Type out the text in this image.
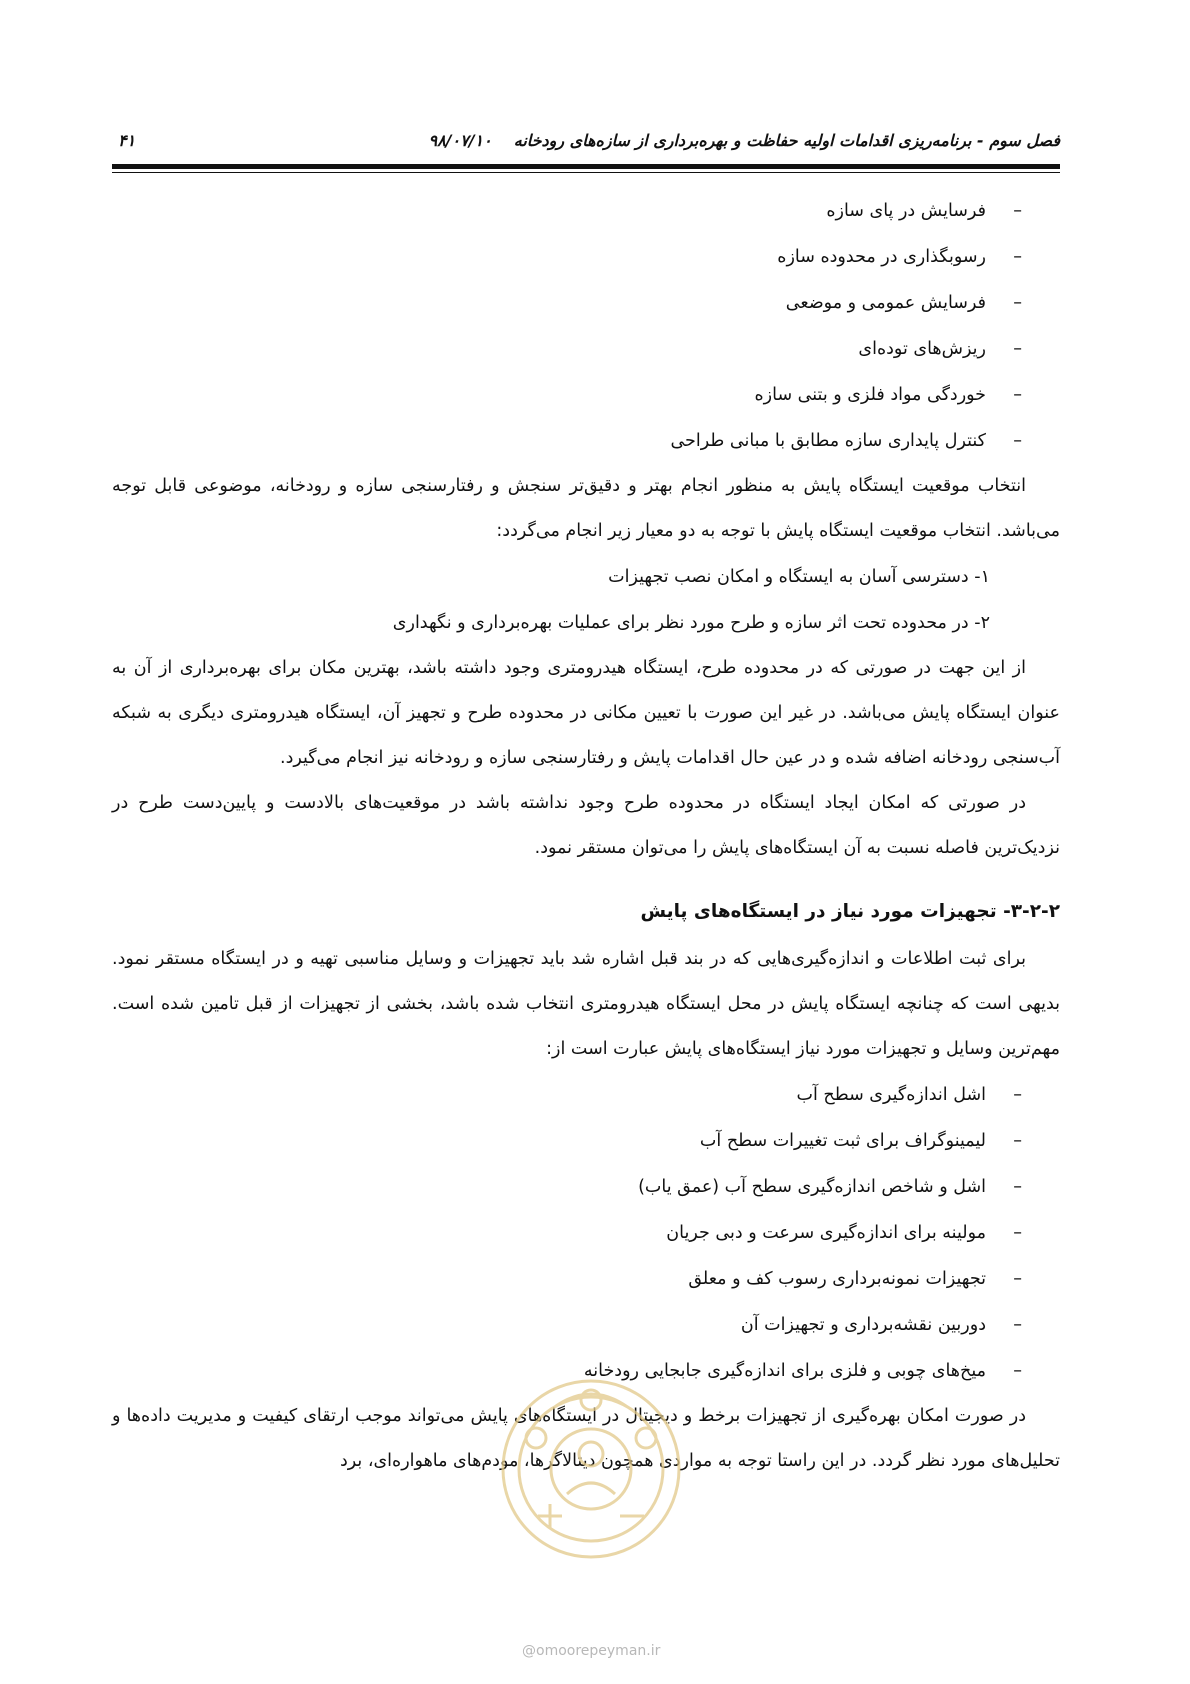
فصل سوم - برنامه‌ریزی اقدامات اولیه حفاظت و بهره‌برداری از سازه‌های رودخانه۹۸/۰۷/۱۰
۴۱
–
فرسایش در پای سازه
–
رسوبگذاری در محدوده سازه
–
فرسایش عمومی و موضعی
–
ریزش‌های توده‌ای
–
خوردگی مواد فلزی و بتنی سازه
–
کنترل پایداری سازه مطابق با مبانی طراحی

انتخاب موقعیت ایستگاه پایش به منظور انجام بهتر و دقیق‌تر سنجش و رفتارسنجی سازه و رودخانه، موضوعی قابل توجه می‌باشد. انتخاب موقعیت ایستگاه پایش با توجه به دو معیار زیر انجام می‌گردد:

۱- دسترسی آسان به ایستگاه و امکان نصب تجهیزات
۲- در محدوده تحت اثر سازه و طرح مورد نظر برای عملیات بهره‌برداری و نگهداری

از این جهت در صورتی که در محدوده طرح، ایستگاه هیدرومتری وجود داشته باشد، بهترین مکان برای بهره‌برداری از آن به عنوان ایستگاه پایش می‌باشد. در غیر این صورت با تعیین مکانی در محدوده طرح و تجهیز آن، ایستگاه هیدرومتری دیگری به شبکه آب‌سنجی رودخانه اضافه شده و در عین حال اقدامات پایش و رفتارسنجی سازه و رودخانه نیز انجام می‌گیرد.

در صورتی که امکان ایجاد ایستگاه در محدوده طرح وجود نداشته باشد در موقعیت‌های بالادست و پایین‌دست طرح در نزدیک‌ترین فاصله نسبت به آن ایستگاه‌های پایش را می‌توان مستقر نمود.

۳-۲-۲- تجهیزات مورد نیاز در ایستگاه‌های پایش

برای ثبت اطلاعات و اندازه‌گیری‌هایی که در بند قبل اشاره شد باید تجهیزات و وسایل مناسبی تهیه و در ایستگاه مستقر نمود. بدیهی است که چنانچه ایستگاه پایش در محل ایستگاه هیدرومتری انتخاب شده باشد، بخشی از تجهیزات از قبل تامین شده است. مهم‌ترین وسایل و تجهیزات مورد نیاز ایستگاه‌های پایش عبارت است از:

–
اشل اندازه‌گیری سطح آب
–
لیمینوگراف برای ثبت تغییرات سطح آب
–
اشل و شاخص اندازه‌گیری سطح آب (عمق یاب)
–
مولینه برای اندازه‌گیری سرعت و دبی جریان
–
تجهیزات نمونه‌برداری رسوب کف و معلق
–
دوربین نقشه‌برداری و تجهیزات آن
–
میخ‌های چوبی و فلزی برای اندازه‌گیری جابجایی رودخانه

در صورت امکان بهره‌گیری از تجهیزات برخط و دیجیتال در ایستگاه‌های پایش می‌تواند موجب ارتقای کیفیت و مدیریت داده‌ها و تحلیل‌های مورد نظر گردد. در این راستا توجه به مواردی همچون دیتالاگرها، مودم‌های ماهواره‌ای، برد

@omoorepeyman.ir
